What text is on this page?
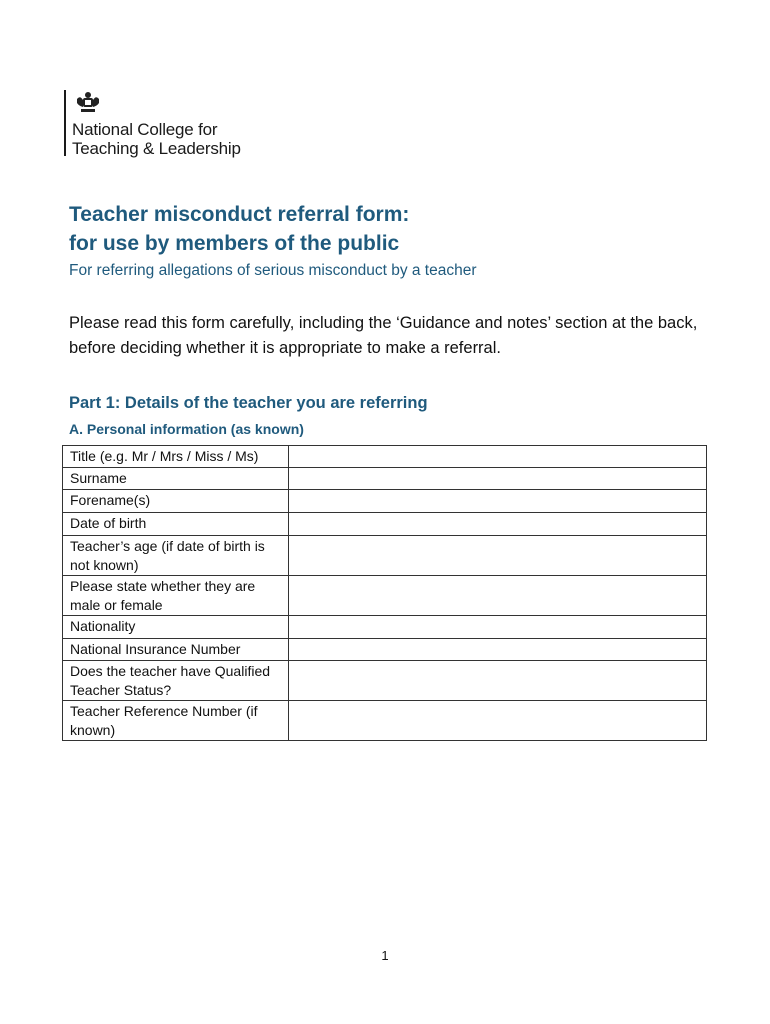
National College for
Teaching & Leadership
Teacher misconduct referral form:
for use by members of the public

For referring allegations of serious misconduct by a teacher

Please read this form carefully, including the ‘Guidance and notes’ section at the back, before deciding whether it is appropriate to make a referral.

Part 1: Details of the teacher you are referring
A. Personal information (as known)
Title (e.g. Mr / Mrs / Miss / Ms)	
Surname	
Forename(s)	
Date of birth	
Teacher’s age (if date of birth is not known)	
Please state whether they are male or female	
Nationality	
National Insurance Number	
Does the teacher have Qualified Teacher Status?	
Teacher Reference Number (if known)	
1
